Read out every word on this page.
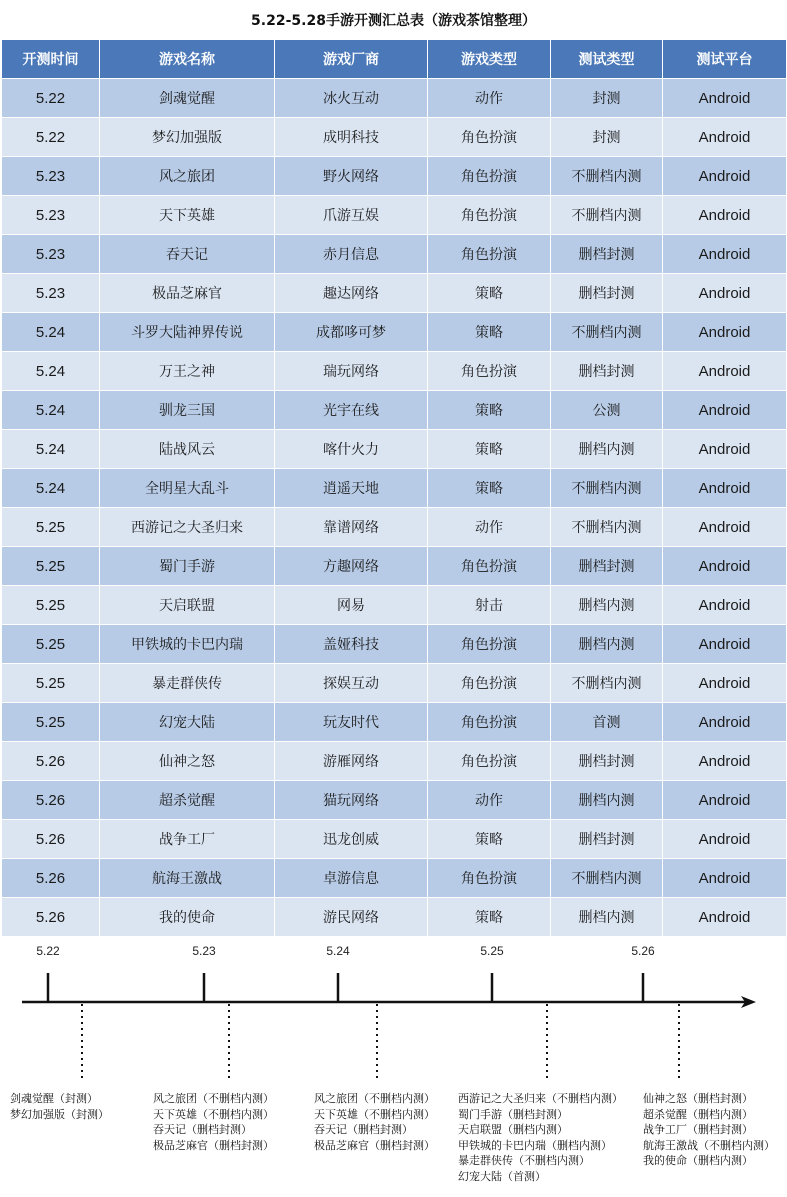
5.22-5.28手游开测汇总表（游戏茶馆整理）
开测时间	游戏名称	游戏厂商	游戏类型	测试类型	测试平台
5.22	剑魂觉醒	冰火互动	动作	封测	Android
5.22	梦幻加强版	成明科技	角色扮演	封测	Android
5.23	风之旅团	野火网络	角色扮演	不删档内测	Android
5.23	天下英雄	爪游互娱	角色扮演	不删档内测	Android
5.23	吞天记	赤月信息	角色扮演	删档封测	Android
5.23	极品芝麻官	趣达网络	策略	删档封测	Android
5.24	斗罗大陆神界传说	成都哆可梦	策略	不删档内测	Android
5.24	万王之神	瑞玩网络	角色扮演	删档封测	Android
5.24	驯龙三国	光宇在线	策略	公测	Android
5.24	陆战风云	喀什火力	策略	删档内测	Android
5.24	全明星大乱斗	逍遥天地	策略	不删档内测	Android
5.25	西游记之大圣归来	靠谱网络	动作	不删档内测	Android
5.25	蜀门手游	方趣网络	角色扮演	删档封测	Android
5.25	天启联盟	网易	射击	删档内测	Android
5.25	甲铁城的卡巴内瑞	盖娅科技	角色扮演	删档内测	Android
5.25	暴走群侠传	探娱互动	角色扮演	不删档内测	Android
5.25	幻宠大陆	玩友时代	角色扮演	首测	Android
5.26	仙神之怒	游雁网络	角色扮演	删档封测	Android
5.26	超杀觉醒	猫玩网络	动作	删档内测	Android
5.26	战争工厂	迅龙创威	策略	删档封测	Android
5.26	航海王激战	卓游信息	角色扮演	不删档内测	Android
5.26	我的使命	游民网络	策略	删档内测	Android
5.22	5.23	5.24	5.25	5.26
剑魂觉醒（封测）
梦幻加强版（封测）
风之旅团（不删档内测）
天下英雄（不删档内测）
吞天记（删档封测）
极品芝麻官（删档封测）
风之旅团（不删档内测）
天下英雄（不删档内测）
吞天记（删档封测）
极品芝麻官（删档封测）
西游记之大圣归来（不删档内测）
蜀门手游（删档封测）
天启联盟（删档内测）
甲铁城的卡巴内瑞（删档内测）
暴走群侠传（不删档内测）
幻宠大陆（首测）
仙神之怒（删档封测）
超杀觉醒（删档内测）
战争工厂（删档封测）
航海王激战（不删档内测）
我的使命（删档内测）
